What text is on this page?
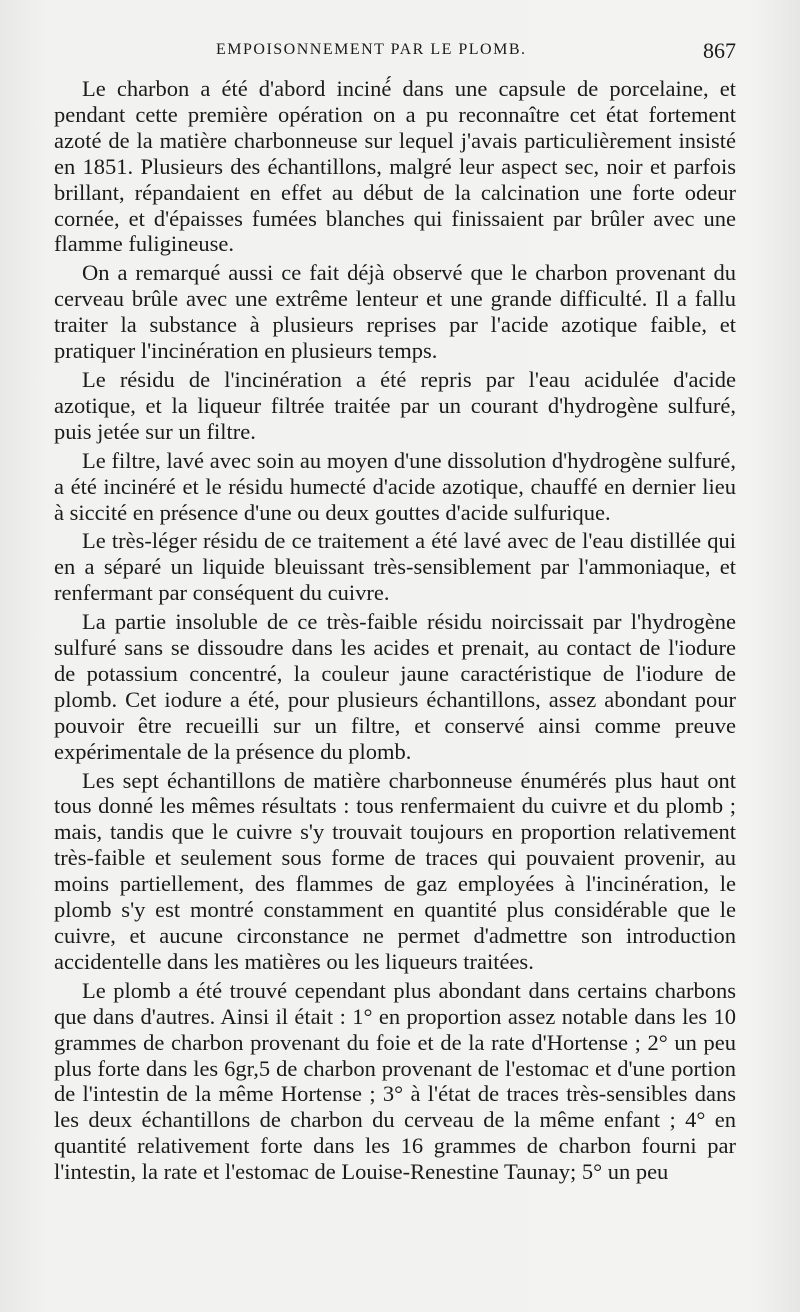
EMPOISONNEMENT PAR LE PLOMB.	867

Le charbon a été d'abord inciné́ dans une capsule de porcelaine, et pendant cette première opération on a pu reconnaître cet état fortement azoté de la matière charbonneuse sur lequel j'avais particulièrement insisté en 1851. Plusieurs des échantillons, malgré leur aspect sec, noir et parfois brillant, répandaient en effet au début de la calcination une forte odeur cornée, et d'épaisses fumées blanches qui finissaient par brûler avec une flamme fuligineuse.

On a remarqué aussi ce fait déjà observé que le charbon provenant du cerveau brûle avec une extrême lenteur et une grande difficulté. Il a fallu traiter la substance à plusieurs reprises par l'acide azotique faible, et pratiquer l'incinération en plusieurs temps.

Le résidu de l'incinération a été repris par l'eau acidulée d'acide azotique, et la liqueur filtrée traitée par un courant d'hydrogène sulfuré, puis jetée sur un filtre.

Le filtre, lavé avec soin au moyen d'une dissolution d'hydrogène sulfuré, a été incinéré et le résidu humecté d'acide azotique, chauffé en dernier lieu à siccité en présence d'une ou deux gouttes d'acide sulfurique.

Le très-léger résidu de ce traitement a été lavé avec de l'eau distillée qui en a séparé un liquide bleuissant très-sensiblement par l'ammoniaque, et renfermant par conséquent du cuivre.

La partie insoluble de ce très-faible résidu noircissait par l'hydrogène sulfuré sans se dissoudre dans les acides et prenait, au contact de l'iodure de potassium concentré, la couleur jaune caractéristique de l'iodure de plomb. Cet iodure a été, pour plusieurs échantillons, assez abondant pour pouvoir être recueilli sur un filtre, et conservé ainsi comme preuve expérimentale de la présence du plomb.

Les sept échantillons de matière charbonneuse énumérés plus haut ont tous donné les mêmes résultats : tous renfermaient du cuivre et du plomb ; mais, tandis que le cuivre s'y trouvait toujours en proportion relativement très-faible et seulement sous forme de traces qui pouvaient provenir, au moins partiellement, des flammes de gaz employées à l'incinération, le plomb s'y est montré constamment en quantité plus considérable que le cuivre, et aucune circonstance ne permet d'admettre son introduction accidentelle dans les matières ou les liqueurs traitées.

Le plomb a été trouvé cependant plus abondant dans certains charbons que dans d'autres. Ainsi il était : 1° en proportion assez notable dans les 10 grammes de charbon provenant du foie et de la rate d'Hortense ; 2° un peu plus forte dans les 6gr,5 de charbon provenant de l'estomac et d'une portion de l'intestin de la même Hortense ; 3° à l'état de traces très-sensibles dans les deux échantillons de charbon du cerveau de la même enfant ; 4° en quantité relativement forte dans les 16 grammes de charbon fourni par l'intestin, la rate et l'estomac de Louise-Renestine Taunay; 5° un peu
